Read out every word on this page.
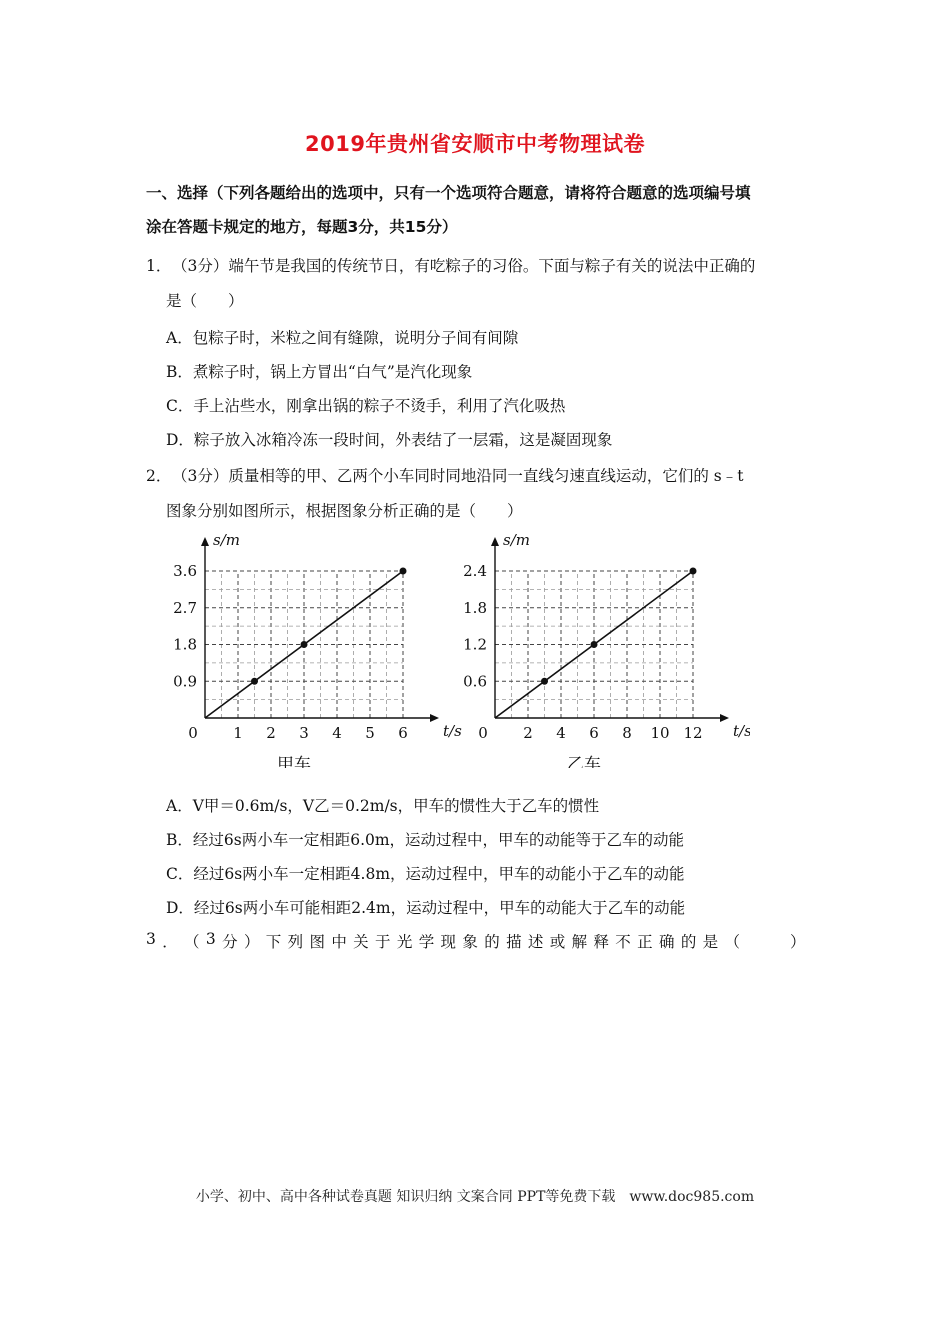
2019年贵州省安顺市中考物理试卷
一、选择（下列各题给出的选项中，只有一个选项符合题意，请将符合题意的选项编号填
涂在答题卡规定的地方，每题3分，共15分）
1． （3分）端午节是我国的传统节日，有吃粽子的习俗。下面与粽子有关的说法中正确的
是（　　）
A．包粽子时，米粒之间有缝隙，说明分子间有间隙
B．煮粽子时，锅上方冒出“白气”是汽化现象
C．手上沾些水，刚拿出锅的粽子不烫手，利用了汽化吸热
D．粽子放入冰箱冷冻一段时间，外表结了一层霜，这是凝固现象
2． （3分）质量相等的甲、乙两个小车同时同地沿同一直线匀速直线运动，它们的 s﹣t
图象分别如图所示，根据图象分析正确的是（　　）
0 1 2 3 4 5 6
0.9
1.8
2.7
3.6
t/s
s/m
甲车
0 2 4 6 8 10 12
0.6
1.2
1.8
2.4
t/s
s/m
乙车
A．V甲＝0.6m/s，V乙＝0.2m/s，甲车的惯性大于乙车的惯性
B．经过6s两小车一定相距6.0m，运动过程中，甲车的动能等于乙车的动能
C．经过6s两小车一定相距4.8m，运动过程中，甲车的动能小于乙车的动能
D．经过6s两小车可能相距2.4m，运动过程中，甲车的动能大于乙车的动能
3 ． （ 3 分 ） 下 列 图 中 关 于 光 学 现 象 的 描 述 或 解 释 不 正 确 的 是 （

　	）
小学、初中、高中各种试卷真题 知识归纳 文案合同 PPT等免费下载　www.doc985.com
